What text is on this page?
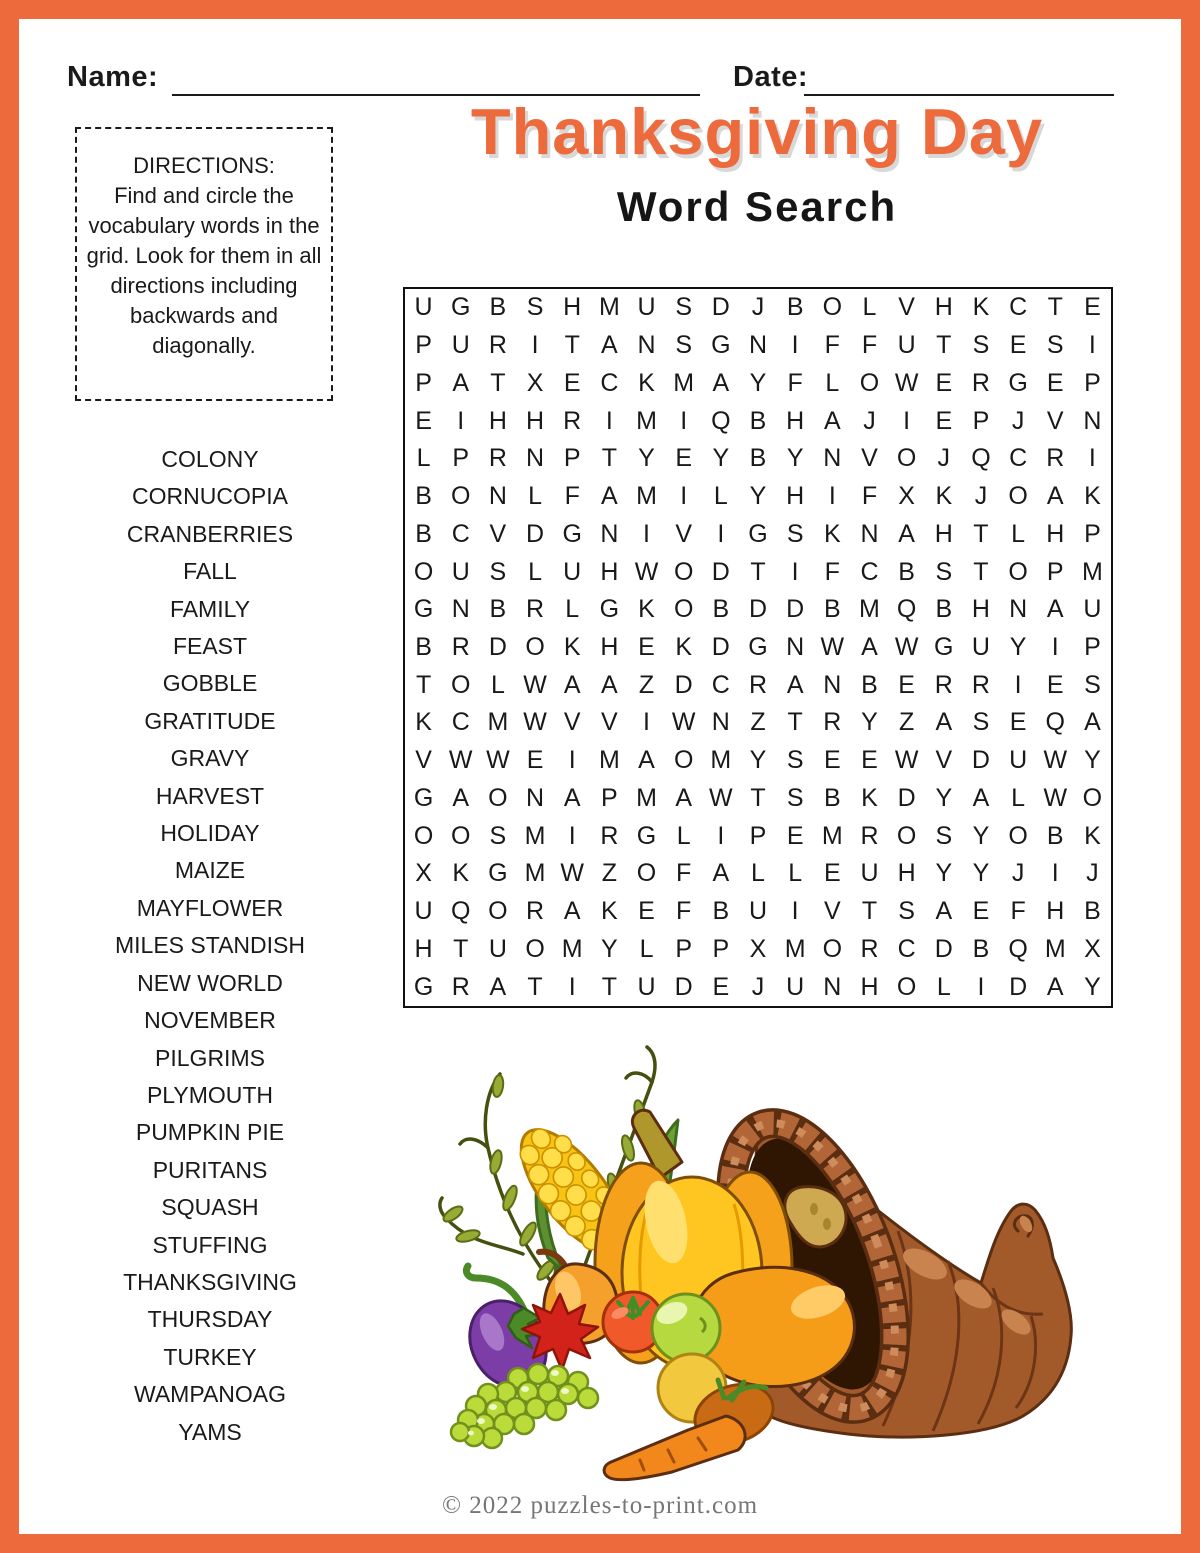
Name:	Date:
Thanksgiving Day
Word Search
DIRECTIONS:
Find and circle the vocabulary words in the grid. Look for them in all directions including backwards and diagonally.
COLONY
CORNUCOPIA
CRANBERRIES
FALL
FAMILY
FEAST
GOBBLE
GRATITUDE
GRAVY
HARVEST
HOLIDAY
MAIZE
MAYFLOWER
MILES STANDISH
NEW WORLD
NOVEMBER
PILGRIMS
PLYMOUTH
PUMPKIN PIE
PURITANS
SQUASH
STUFFING
THANKSGIVING
THURSDAY
TURKEY
WAMPANOAG
YAMS
U G B S H M U S D J B O L V H K C T E
P U R I	T A N S G N I	F F U T S E S	I
P A T X E C K M A Y F L O W E R G E P
E	I H H R I M I Q B H A J	I	E P J V N
L P R N P T Y E Y B Y N V O J Q C R I
B O N L F A M I	L Y H I	F X K J O A K
B C V D G N I	V	I G S K N A H T L H P
O U S L U H W O D T	I	F C B S T O P M
G N B R L G K O B D D B M Q B H N A U
B R D O K H E K D G N W A W G U Y	I	P
T O L W A A Z D C R A N B E R R I	E S
K C M W V V	I W N Z T R Y Z A S E Q A
V W W E	I M A O M Y S E E W V D U W Y
G A O N A P M A W T S B K D Y A L W O
O O S M I R G L	I	P E M R O S Y O B K
X K G M W Z O F A L L E U H Y Y J	I	J
U Q O R A K E F B U I	V T S A E F H B
H T U O M Y L P P X M O R C D B Q M X
G R A T	I	T U D E J U N H O L	I D A Y
© 2022 puzzles-to-print.com
